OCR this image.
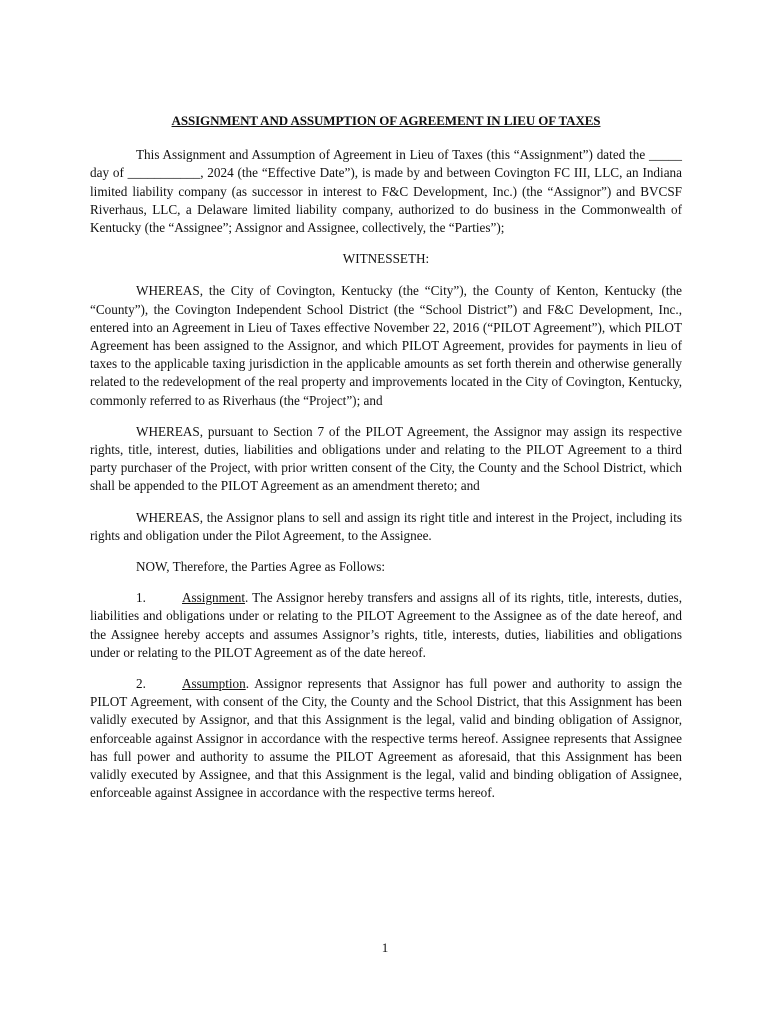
ASSIGNMENT AND ASSUMPTION OF AGREEMENT IN LIEU OF TAXES

This Assignment and Assumption of Agreement in Lieu of Taxes (this “Assignment”) dated the _____ day of ___________, 2024 (the “Effective Date”), is made by and between Covington FC III, LLC, an Indiana limited liability company (as successor in interest to F&C Development, Inc.) (the “Assignor”) and BVCSF Riverhaus, LLC, a Delaware limited liability company, authorized to do business in the Commonwealth of Kentucky (the “Assignee”; Assignor and Assignee, collectively, the “Parties”);

WITNESSETH:

WHEREAS, the City of Covington, Kentucky (the “City”), the County of Kenton, Kentucky (the “County”), the Covington Independent School District (the “School District”) and F&C Development, Inc., entered into an Agreement in Lieu of Taxes effective November 22, 2016 (“PILOT Agreement”), which PILOT Agreement has been assigned to the Assignor, and which PILOT Agreement, provides for payments in lieu of taxes to the applicable taxing jurisdiction in the applicable amounts as set forth therein and otherwise generally related to the redevelopment of the real property and improvements located in the City of Covington, Kentucky, commonly referred to as Riverhaus (the “Project”); and

WHEREAS, pursuant to Section 7 of the PILOT Agreement, the Assignor may assign its respective rights, title, interest, duties, liabilities and obligations under and relating to the PILOT Agreement to a third party purchaser of the Project, with prior written consent of the City, the County and the School District, which shall be appended to the PILOT Agreement as an amendment thereto; and

WHEREAS, the Assignor plans to sell and assign its right title and interest in the Project, including its rights and obligation under the Pilot Agreement, to the Assignee.

NOW, Therefore, the Parties Agree as Follows:

1.	Assignment. The Assignor hereby transfers and assigns all of its rights, title, interests, duties, liabilities and obligations under or relating to the PILOT Agreement to the Assignee as of the date hereof, and the Assignee hereby accepts and assumes Assignor’s rights, title, interests, duties, liabilities and obligations under or relating to the PILOT Agreement as of the date hereof.

2.	Assumption. Assignor represents that Assignor has full power and authority to assign the PILOT Agreement, with consent of the City, the County and the School District, that this Assignment has been validly executed by Assignor, and that this Assignment is the legal, valid and binding obligation of Assignor, enforceable against Assignor in accordance with the respective terms hereof. Assignee represents that Assignee has full power and authority to assume the PILOT Agreement as aforesaid, that this Assignment has been validly executed by Assignee, and that this Assignment is the legal, valid and binding obligation of Assignee, enforceable against Assignee in accordance with the respective terms hereof.

1
